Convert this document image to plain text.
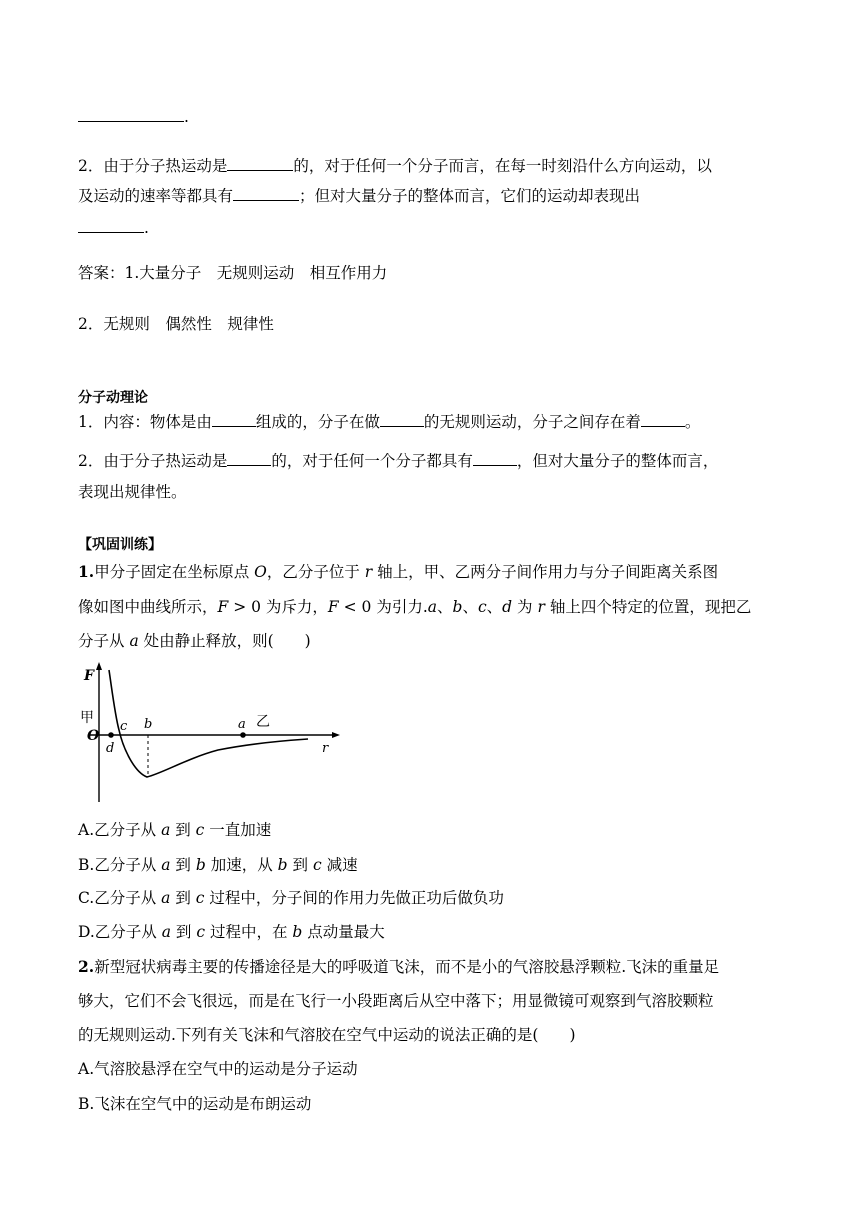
.
2．由于分子热运动是	的，对于任何一个分子而言，在每一时刻沿什么方向运动，以
及运动的速率等都具有	；但对大量分子的整体而言，它们的运动却表现出
.
答案：1.大量分子　无规则运动　相互作用力
2．无规则　偶然性　规律性
分子动理论
1．内容：物体是由	组成的，分子在做	的无规则运动，分子之间存在着	。
2．由于分子热运动是	的，对于任何一个分子都具有	，但对大量分子的整体而言，
表现出规律性。
【巩固训练】
1.甲分子固定在坐标原点 O，乙分子位于 r 轴上，甲、乙两分子间作用力与分子间距离关系图
像如图中曲线所示，F > 0 为斥力，F < 0 为引力.a、b、c、d 为 r 轴上四个特定的位置，现把乙
分子从 a 处由静止释放，则(　　)
F
甲
O
c b	a 乙
d	r
A.乙分子从 a 到 c 一直加速
B.乙分子从 a 到 b 加速，从 b 到 c 减速
C.乙分子从 a 到 c 过程中，分子间的作用力先做正功后做负功
D.乙分子从 a 到 c 过程中，在 b 点动量最大
2.新型冠状病毒主要的传播途径是大的呼吸道飞沫，而不是小的气溶胶悬浮颗粒.飞沫的重量足
够大，它们不会飞很远，而是在飞行一小段距离后从空中落下；用显微镜可观察到气溶胶颗粒
的无规则运动.下列有关飞沫和气溶胶在空气中运动的说法正确的是(　　)
A.气溶胶悬浮在空气中的运动是分子运动
B.飞沫在空气中的运动是布朗运动
